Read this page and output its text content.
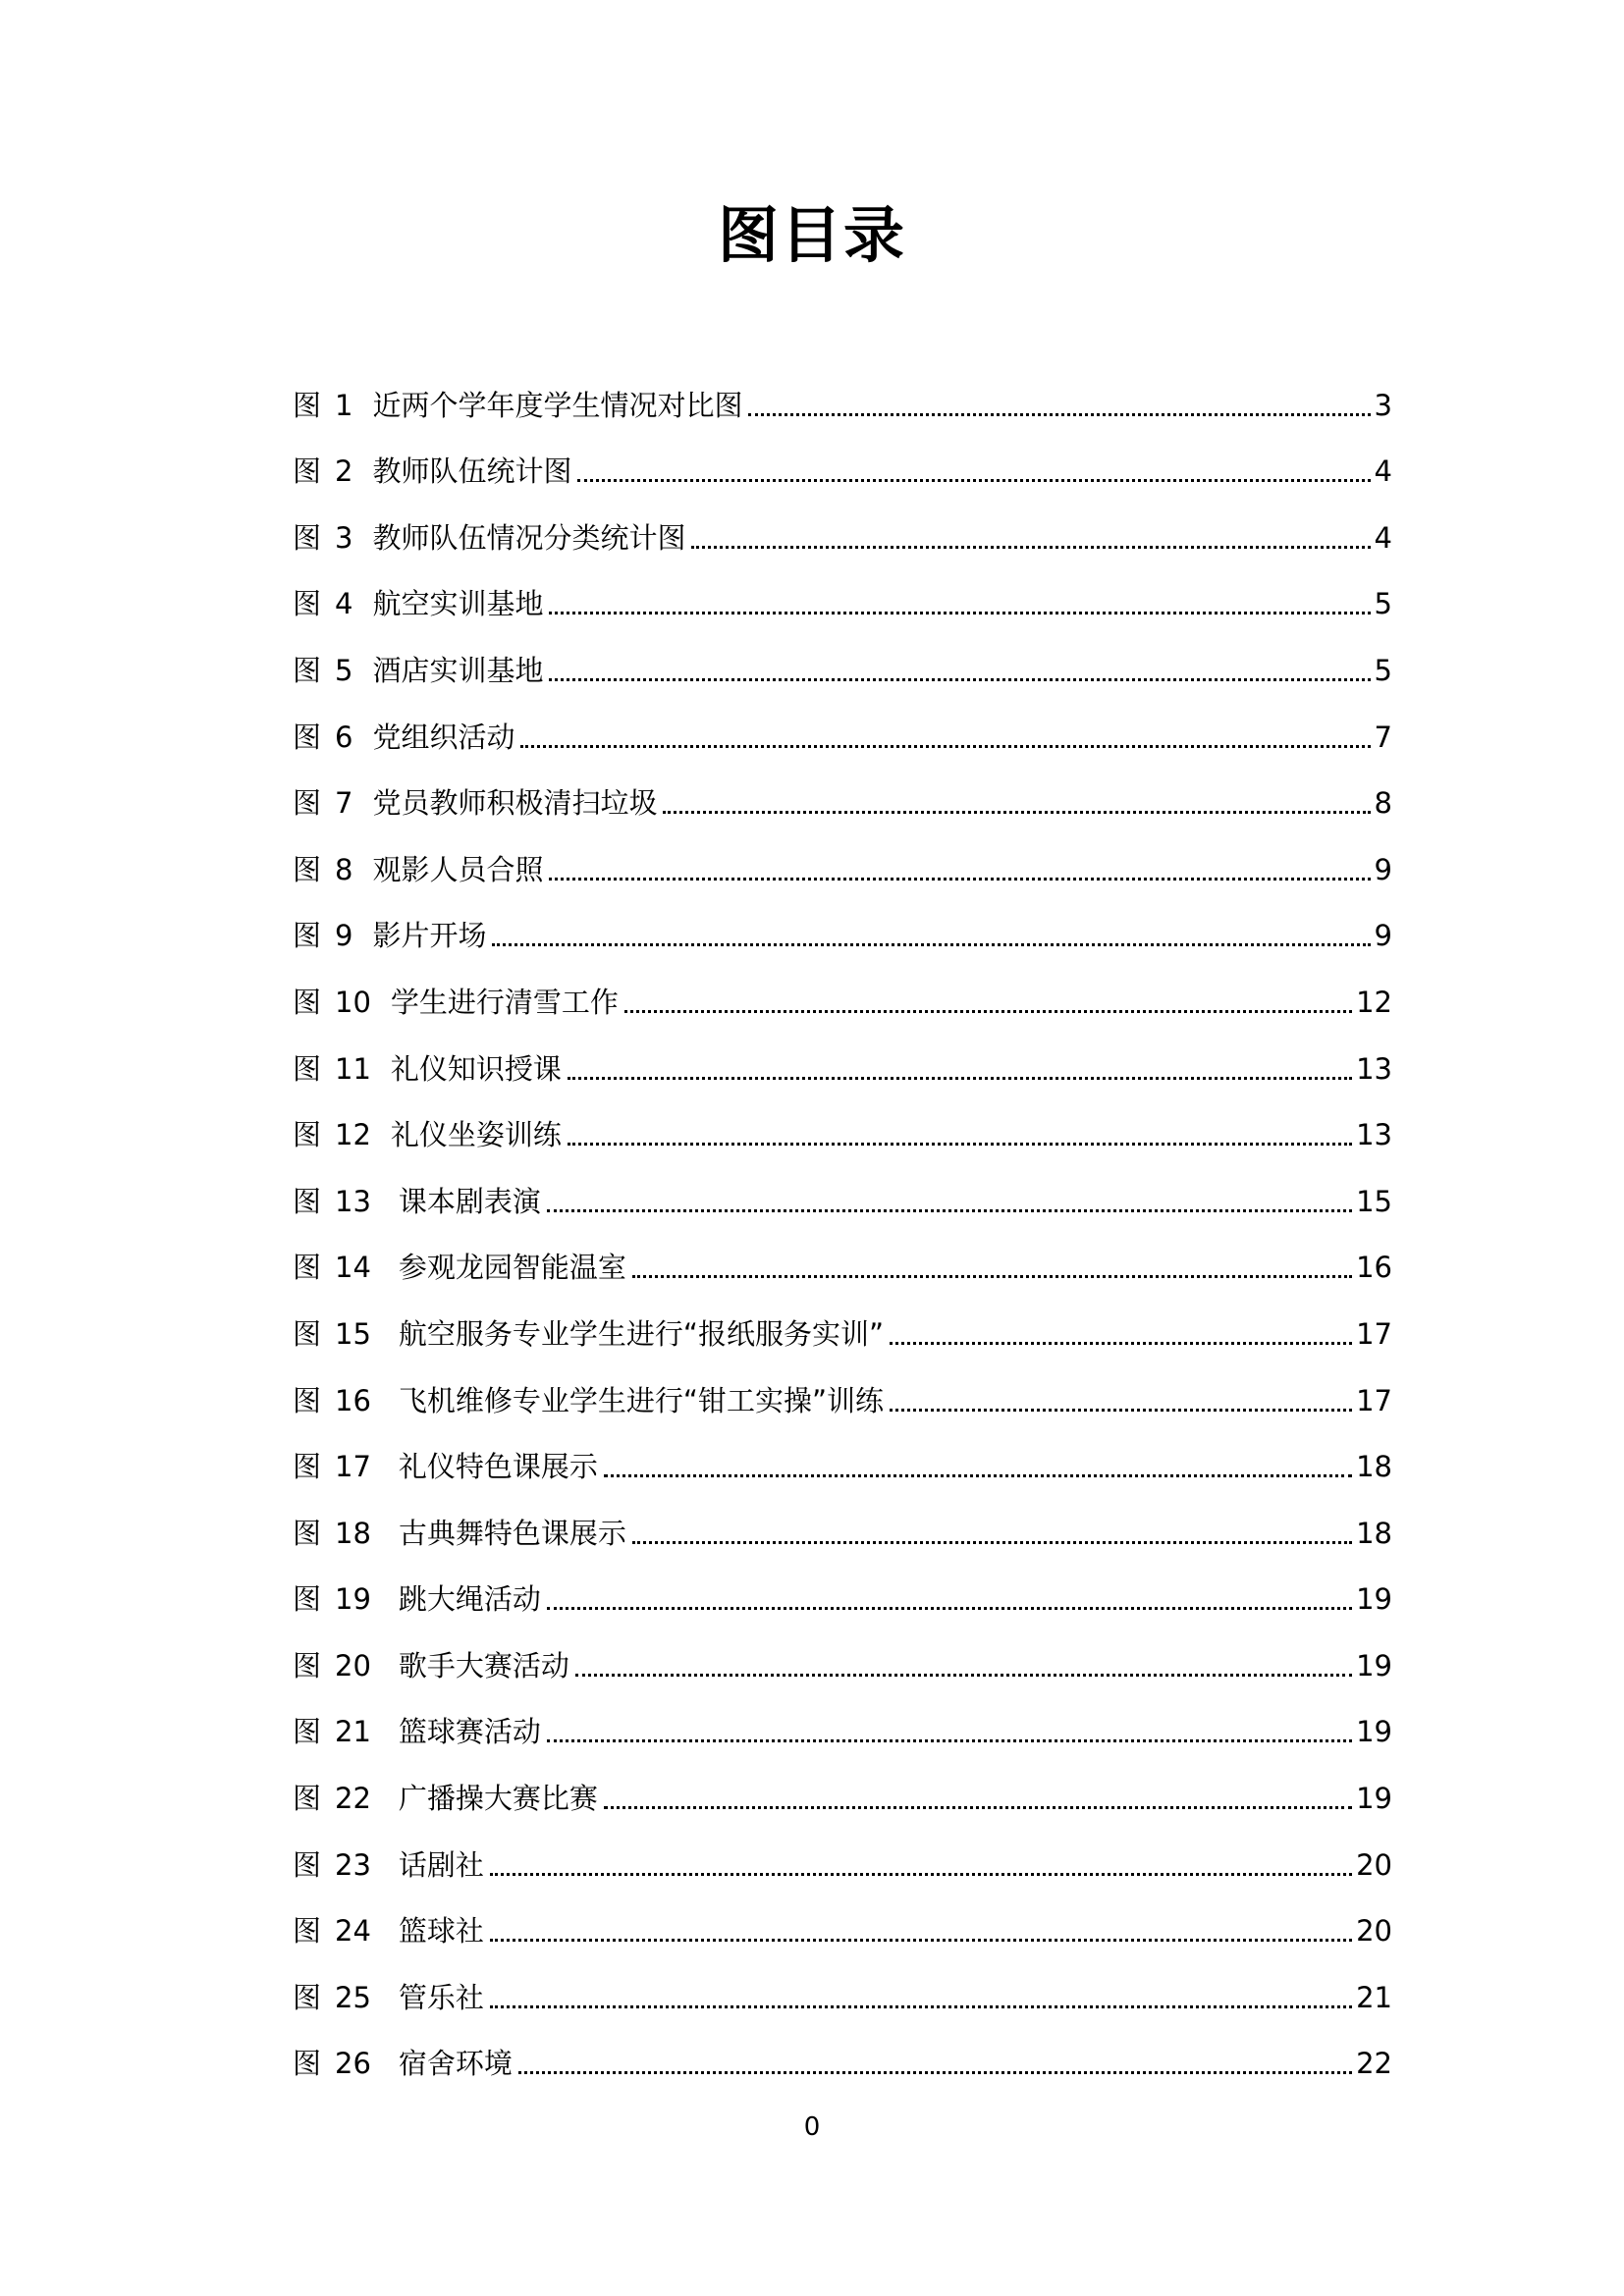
图目录
图 1 近两个学年度学生情况对比图	3
图 2 教师队伍统计图	4
图 3 教师队伍情况分类统计图	4
图 4 航空实训基地	5
图 5 酒店实训基地	5
图 6 党组织活动	7
图 7 党员教师积极清扫垃圾	8
图 8 观影人员合照	9
图 9 影片开场	9
图 10 学生进行清雪工作	12
图 11 礼仪知识授课	13
图 12 礼仪坐姿训练	13
图 13 课本剧表演	15
图 14 参观龙园智能温室	16
图 15 航空服务专业学生进行“报纸服务实训”	17
图 16 飞机维修专业学生进行“钳工实操”训练	17
图 17 礼仪特色课展示	18
图 18 古典舞特色课展示	18
图 19 跳大绳活动	19
图 20 歌手大赛活动	19
图 21 篮球赛活动	19
图 22 广播操大赛比赛	19
图 23 话剧社	20
图 24 篮球社	20
图 25 管乐社	21
图 26 宿舍环境	22
0
